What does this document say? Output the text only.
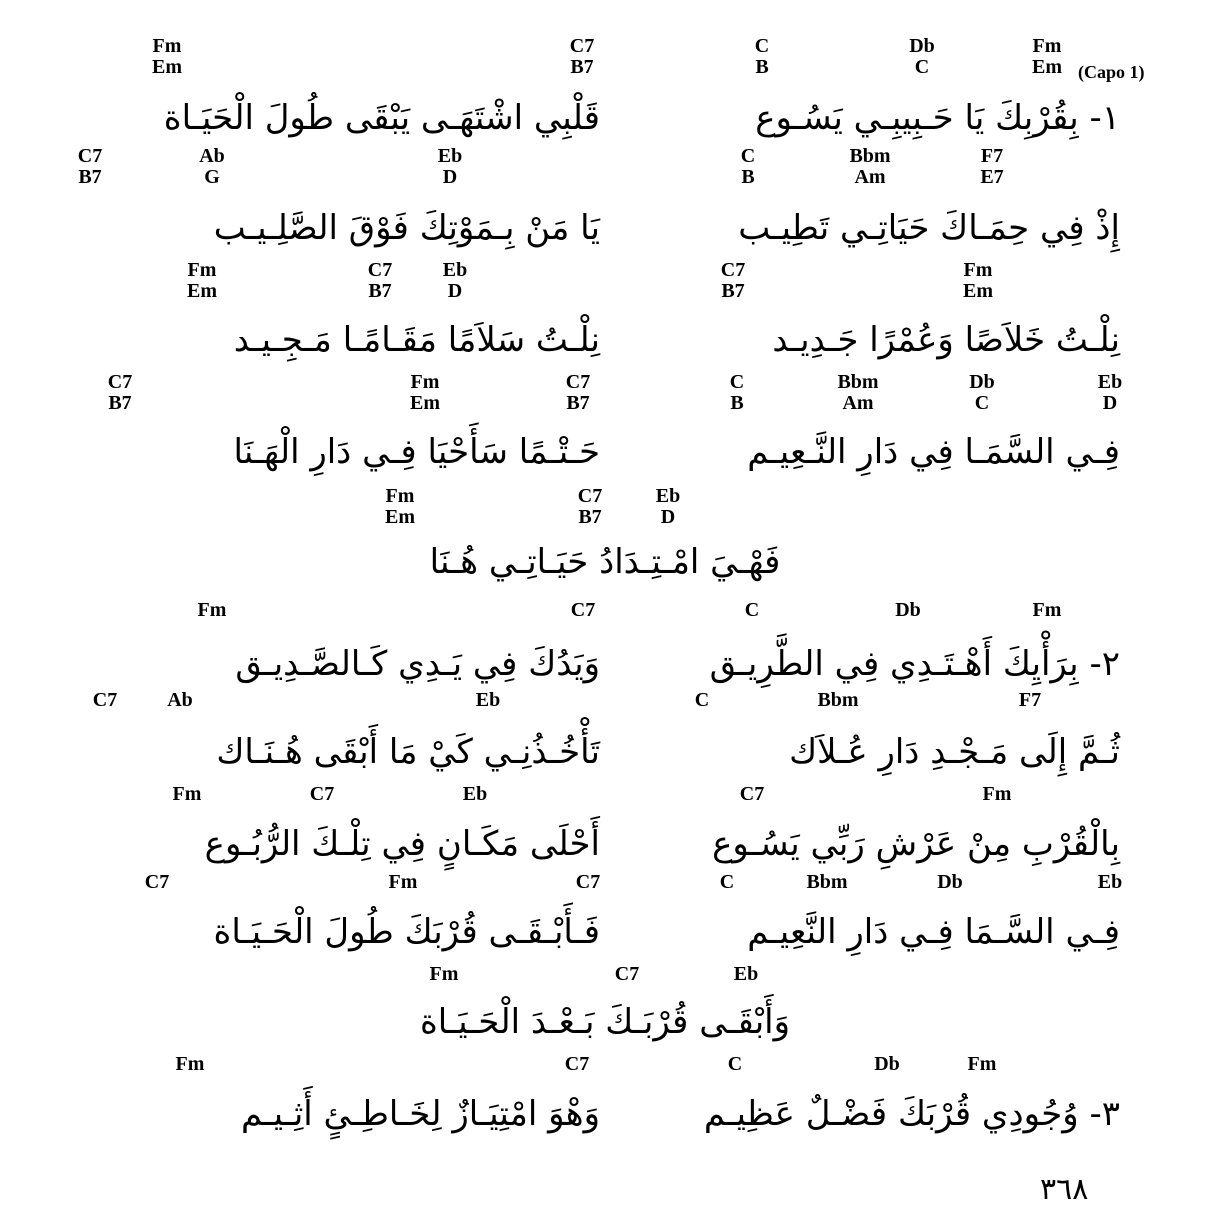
Fm
Em
C7
B7
C
B
Db
C
Fm
Em
C7
B7
Ab
G
Eb
D
C
B
Bbm
Am
F7
E7
Fm
Em
C7
B7
Eb
D
C7
B7
Fm
Em
C7
B7
Fm
Em
C7
B7
C
B
Bbm
Am
Db
C
Eb
D
Fm
Em
C7
B7
Eb
D
Fm	C7	C	Db	Fm
C7	Ab	Eb	C	Bbm	F7
Fm	C7	Eb	C7	Fm
C7	Fm	C7	C	Bbm	Db	Eb
Fm	C7	Eb
Fm	C7	C	Db	Fm
(Capo 1)
١- بِقُرْبِكَ يَا حَـبِيبِـي يَسُـوع
قَلْبِي اشْتَهَـى يَبْقَى طُولَ الْحَيَـاة
إِذْ فِي حِمَـاكَ حَيَاتِـي تَطِيـب
يَا مَنْ بِـمَوْتِكَ فَوْقَ الصَّلِـيـب
نِلْـتُ خَلاَصًا وَعُمْرًا جَـدِيـد
نِلْـتُ سَلاَمًا مَقَـامًـا مَـجِـيـد
فِـي السَّمَـا فِي دَارِ النَّـعِيـم
حَـتْـمًا سَأَحْيَا فِـي دَارِ الْهَـنَا
فَهْـيَ امْـتِـدَادُ حَيَـاتِـي هُـنَا
٢- بِرَأْيِكَ أَهْـتَـدِي فِي الطَّرِيـق
وَيَدُكَ فِي يَـدِي كَـالصَّـدِيـق
ثُـمَّ إِلَى مَـجْـدِ دَارِ عُـلاَك
تَأْخُـذُنِـي كَيْ مَا أَبْقَى هُـنَـاك
بِالْقُرْبِ مِنْ عَرْشِ رَبِّي يَسُـوع
أَحْلَى مَكَـانٍ فِي تِلْـكَ الرُّبُـوع
فِـي السَّـمَا فِـي دَارِ النَّعِيـم
فَـأَبْـقَـى قُرْبَكَ طُولَ الْحَـيَـاة
وَأَبْقَـى قُرْبَـكَ بَـعْـدَ الْحَـيَـاة
٣- وُجُودِي قُرْبَكَ فَضْـلٌ عَظِيـم
وَهْوَ امْتِيَـازٌ لِخَـاطِـئٍ أَثِـيـم
٣٦٨
